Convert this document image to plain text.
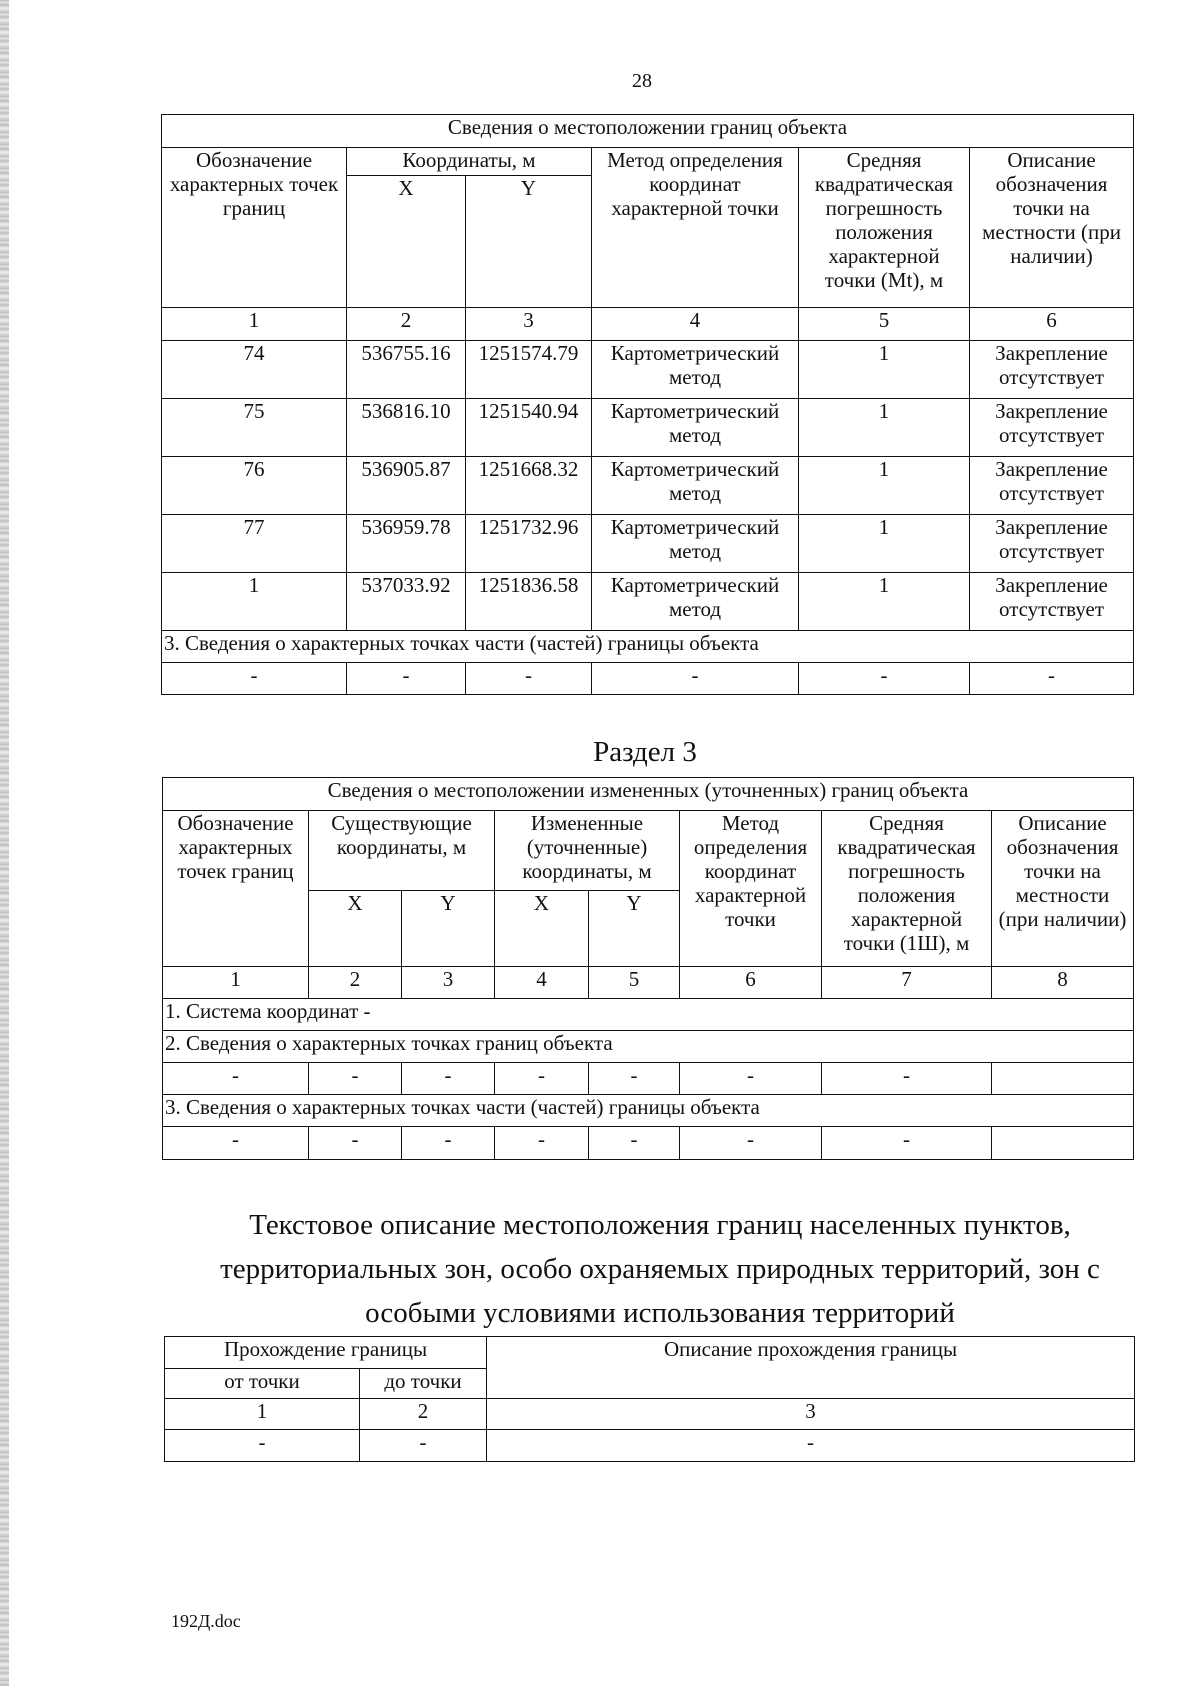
28
Сведения о местоположении границ объекта					
Обозначение характерных точек границ	Координаты, м		Метод определения координат характерной точки	Средняя квадратическая погрешность положения характерной точки (Мt), м	Описание обозначения точки на местности (при наличии)
	X	Y			
1	2	3	4	5	6
74	536755.16	1251574.79	Картометрический метод	1	Закрепление отсутствует
75	536816.10	1251540.94	Картометрический метод	1	Закрепление отсутствует
76	536905.87	1251668.32	Картометрический метод	1	Закрепление отсутствует
77	536959.78	1251732.96	Картометрический метод	1	Закрепление отсутствует
1	537033.92	1251836.58	Картометрический метод	1	Закрепление отсутствует
3. Сведения о характерных точках части (частей) границы объекта					
-	-	-	-	-	-
Раздел 3
Сведения о местоположении измененных (уточненных) границ объекта							
Обозначение характерных точек границ	Существующие координаты, м		Измененные (уточненные) координаты, м		Метод определения координат характерной точки	Средняя квадратическая погрешность положения характерной точки (1Ш), м	Описание обозначения точки на местности (при наличии)
	X	Y	X	Y			
1	2	3	4	5	6	7	8
1. Система координат -							
2. Сведения о характерных точках границ объекта							
-	-	-	-	-	-	-	
3. Сведения о характерных точках части (частей) границы объекта							
-	-	-	-	-	-	-	
Текстовое описание местоположения границ населенных пунктов, территориальных зон, особо охраняемых природных территорий, зон с особыми условиями использования территорий
Прохождение границы		Описание прохождения границы
от точки	до точки	
1	2	3
-	-	-
192Д.doc
